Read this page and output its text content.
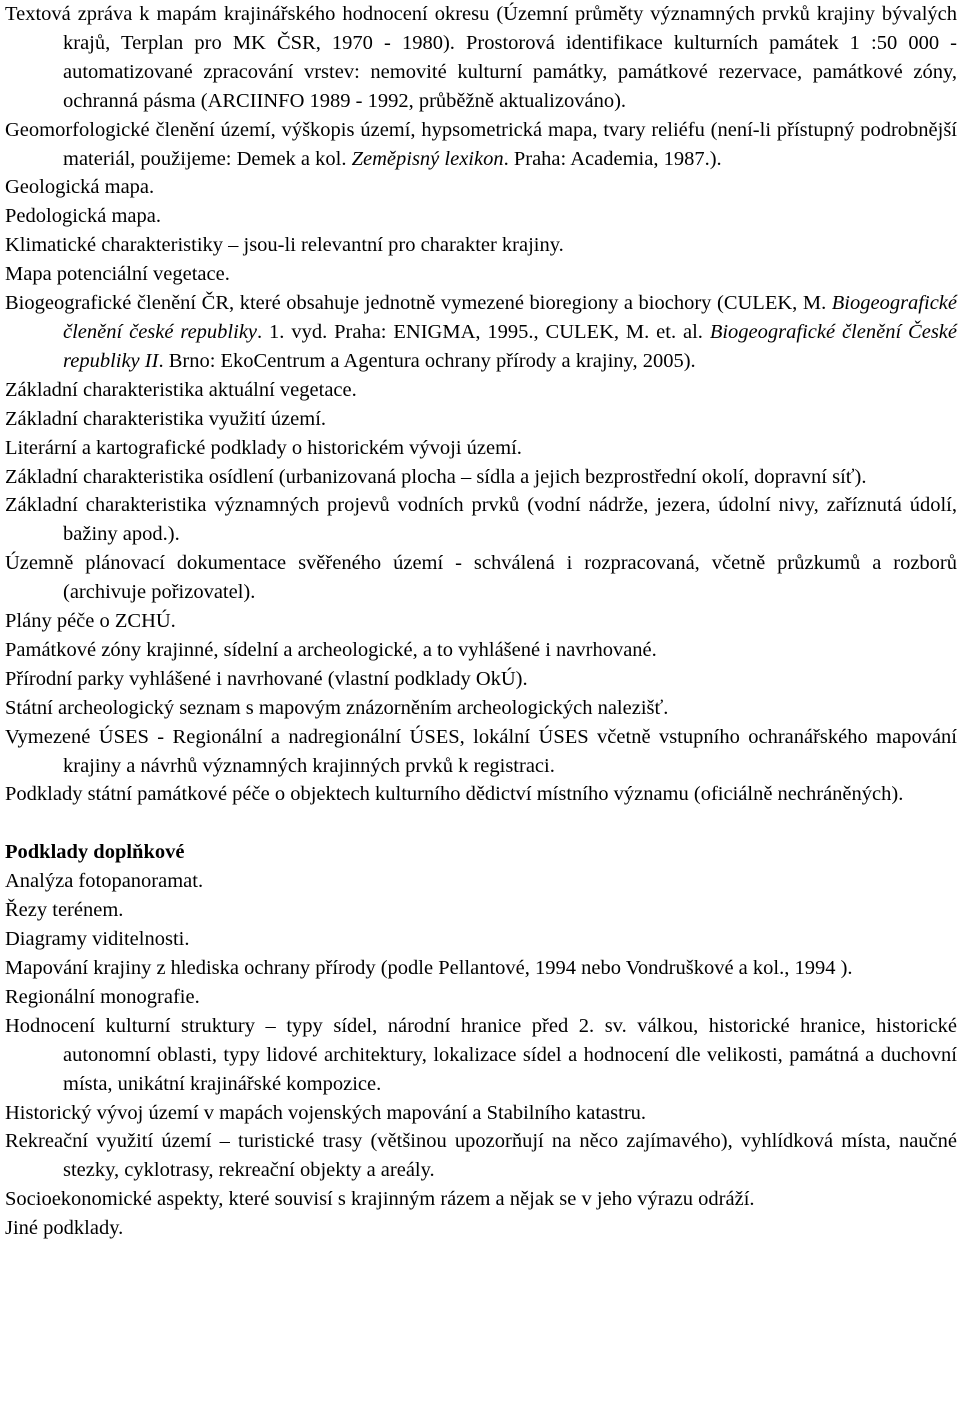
Textová zpráva k mapám krajinářského hodnocení okresu (Územní průměty významných prvků krajiny bývalých krajů, Terplan pro MK ČSR, 1970 - 1980). Prostorová identifikace kulturních památek 1 :50 000 - automatizované zpracování vrstev: nemovité kulturní památky, památkové rezervace, památkové zóny, ochranná pásma (ARCIINFO 1989 - 1992, průběžně aktualizováno).

Geomorfologické členění území, výškopis území, hypsometrická mapa, tvary reliéfu (není-li přístupný podrobnější materiál, použijeme: Demek a kol. Zeměpisný lexikon. Praha: Academia, 1987.).

Geologická mapa.

Pedologická mapa.

Klimatické charakteristiky – jsou-li relevantní pro charakter krajiny.

Mapa potenciální vegetace.

Biogeografické členění ČR, které obsahuje jednotně vymezené bioregiony a biochory (CULEK, M. Biogeografické členění české republiky. 1. vyd. Praha: ENIGMA, 1995., CULEK, M. et. al. Biogeografické členění České republiky II. Brno: EkoCentrum a Agentura ochrany přírody a krajiny, 2005).

Základní charakteristika aktuální vegetace.

Základní charakteristika využití území.

Literární a kartografické podklady o historickém vývoji území.

Základní charakteristika osídlení (urbanizovaná plocha – sídla a jejich bezprostřední okolí, dopravní síť).

Základní charakteristika významných projevů vodních prvků (vodní nádrže, jezera, údolní nivy, zaříznutá údolí, bažiny apod.).

Územně plánovací dokumentace svěřeného území - schválená i rozpracovaná, včetně průzkumů a rozborů (archivuje pořizovatel).

Plány péče o ZCHÚ.

Památkové zóny krajinné, sídelní a archeologické, a to vyhlášené i navrhované.

Přírodní parky vyhlášené i navrhované (vlastní podklady OkÚ).

Státní archeologický seznam s mapovým znázorněním archeologických nalezišť.

Vymezené ÚSES - Regionální a nadregionální ÚSES, lokální ÚSES včetně vstupního ochranářského mapování krajiny a návrhů významných krajinných prvků k registraci.

Podklady státní památkové péče o objektech kulturního dědictví místního významu (oficiálně nechráněných).

Podklady doplňkové

Analýza fotopanoramat.

Řezy terénem.

Diagramy viditelnosti.

Mapování krajiny z hlediska ochrany přírody (podle Pellantové, 1994 nebo Vondruškové a kol., 1994 ).

Regionální monografie.

Hodnocení kulturní struktury – typy sídel, národní hranice před 2. sv. válkou, historické hranice, historické autonomní oblasti, typy lidové architektury, lokalizace sídel a hodnocení dle velikosti, památná a duchovní místa, unikátní krajinářské kompozice.

Historický vývoj území v mapách vojenských mapování a Stabilního katastru.

Rekreační využití území – turistické trasy (většinou upozorňují na něco zajímavého), vyhlídková místa, naučné stezky, cyklotrasy, rekreační objekty a areály.

Socioekonomické aspekty, které souvisí s krajinným rázem a nějak se v jeho výrazu odráží.

Jiné podklady.
